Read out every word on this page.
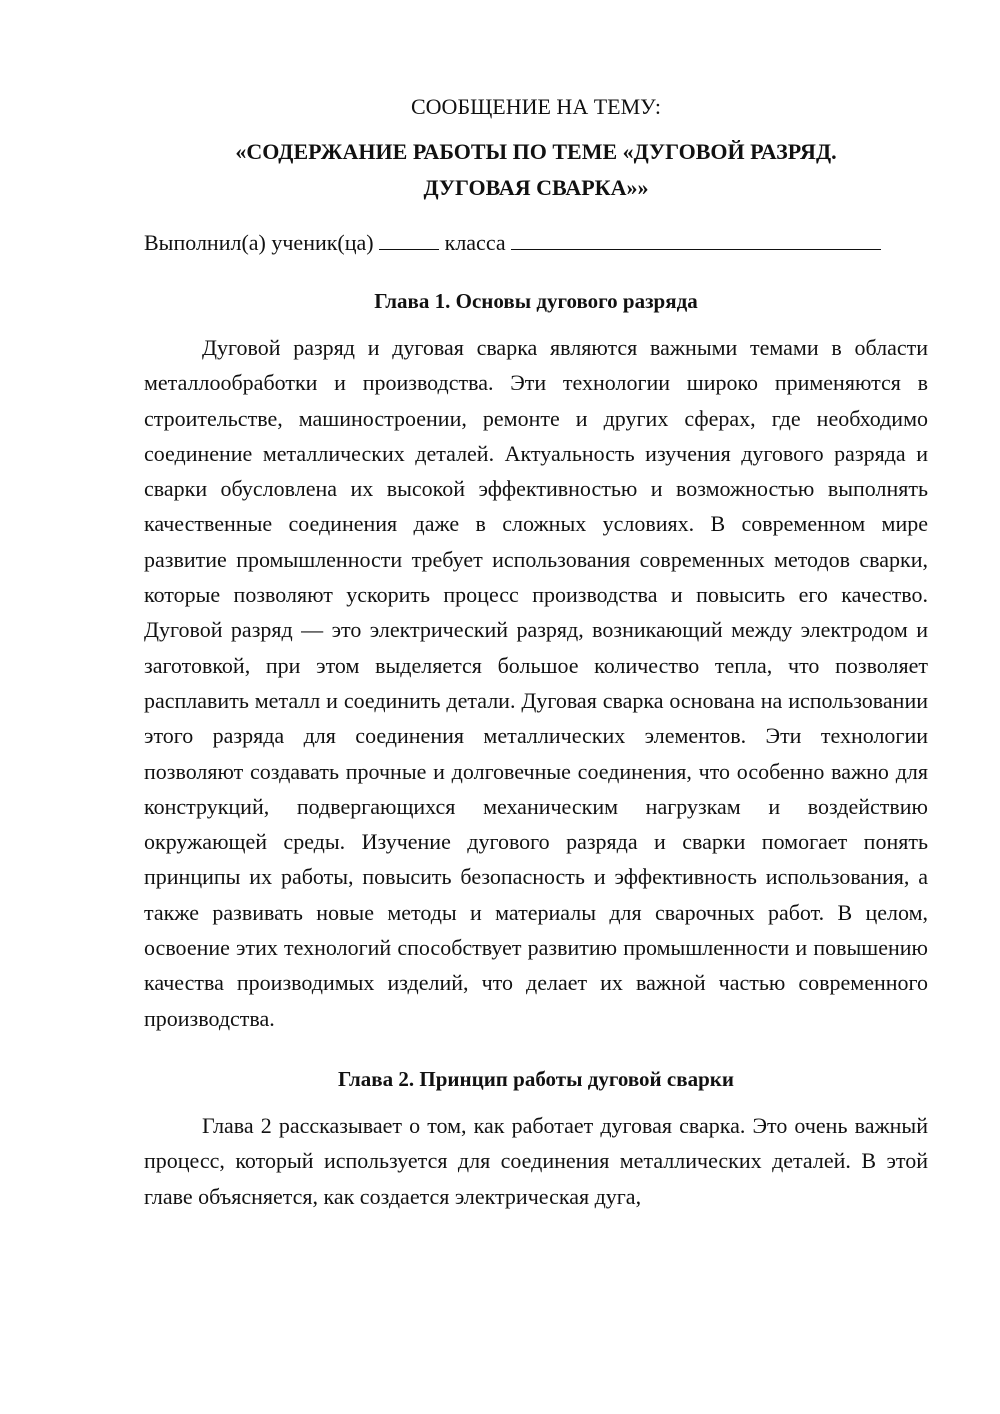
СООБЩЕНИЕ НА ТЕМУ:

«СОДЕРЖАНИЕ РАБОТЫ ПО ТЕМЕ «ДУГОВОЙ РАЗРЯД.
ДУГОВАЯ СВАРКА»»

Выполнил(а) ученик(ца)	класса

Глава 1. Основы дугового разряда

Дуговой разряд и дуговая сварка являются важными темами в области металлообработки и производства. Эти технологии широко применяются в строительстве, машиностроении, ремонте и других сферах, где необходимо соединение металлических деталей. Актуальность изучения дугового разряда и сварки обусловлена их высокой эффективностью и возможностью выполнять качественные соединения даже в сложных условиях. В современном мире развитие промышленности требует использования современных методов сварки, которые позволяют ускорить процесс производства и повысить его качество. Дуговой разряд — это электрический разряд, возникающий между электродом и заготовкой, при этом выделяется большое количество тепла, что позволяет расплавить металл и соединить детали. Дуговая сварка основана на использовании этого разряда для соединения металлических элементов. Эти технологии позволяют создавать прочные и долговечные соединения, что особенно важно для конструкций, подвергающихся механическим нагрузкам и воздействию окружающей среды. Изучение дугового разряда и сварки помогает понять принципы их работы, повысить безопасность и эффективность использования, а также развивать новые методы и материалы для сварочных работ. В целом, освоение этих технологий способствует развитию промышленности и повышению качества производимых изделий, что делает их важной частью современного производства.

Глава 2. Принцип работы дуговой сварки

Глава 2 рассказывает о том, как работает дуговая сварка. Это очень важный процесс, который используется для соединения металлических деталей. В этой главе объясняется, как создается электрическая дуга,
